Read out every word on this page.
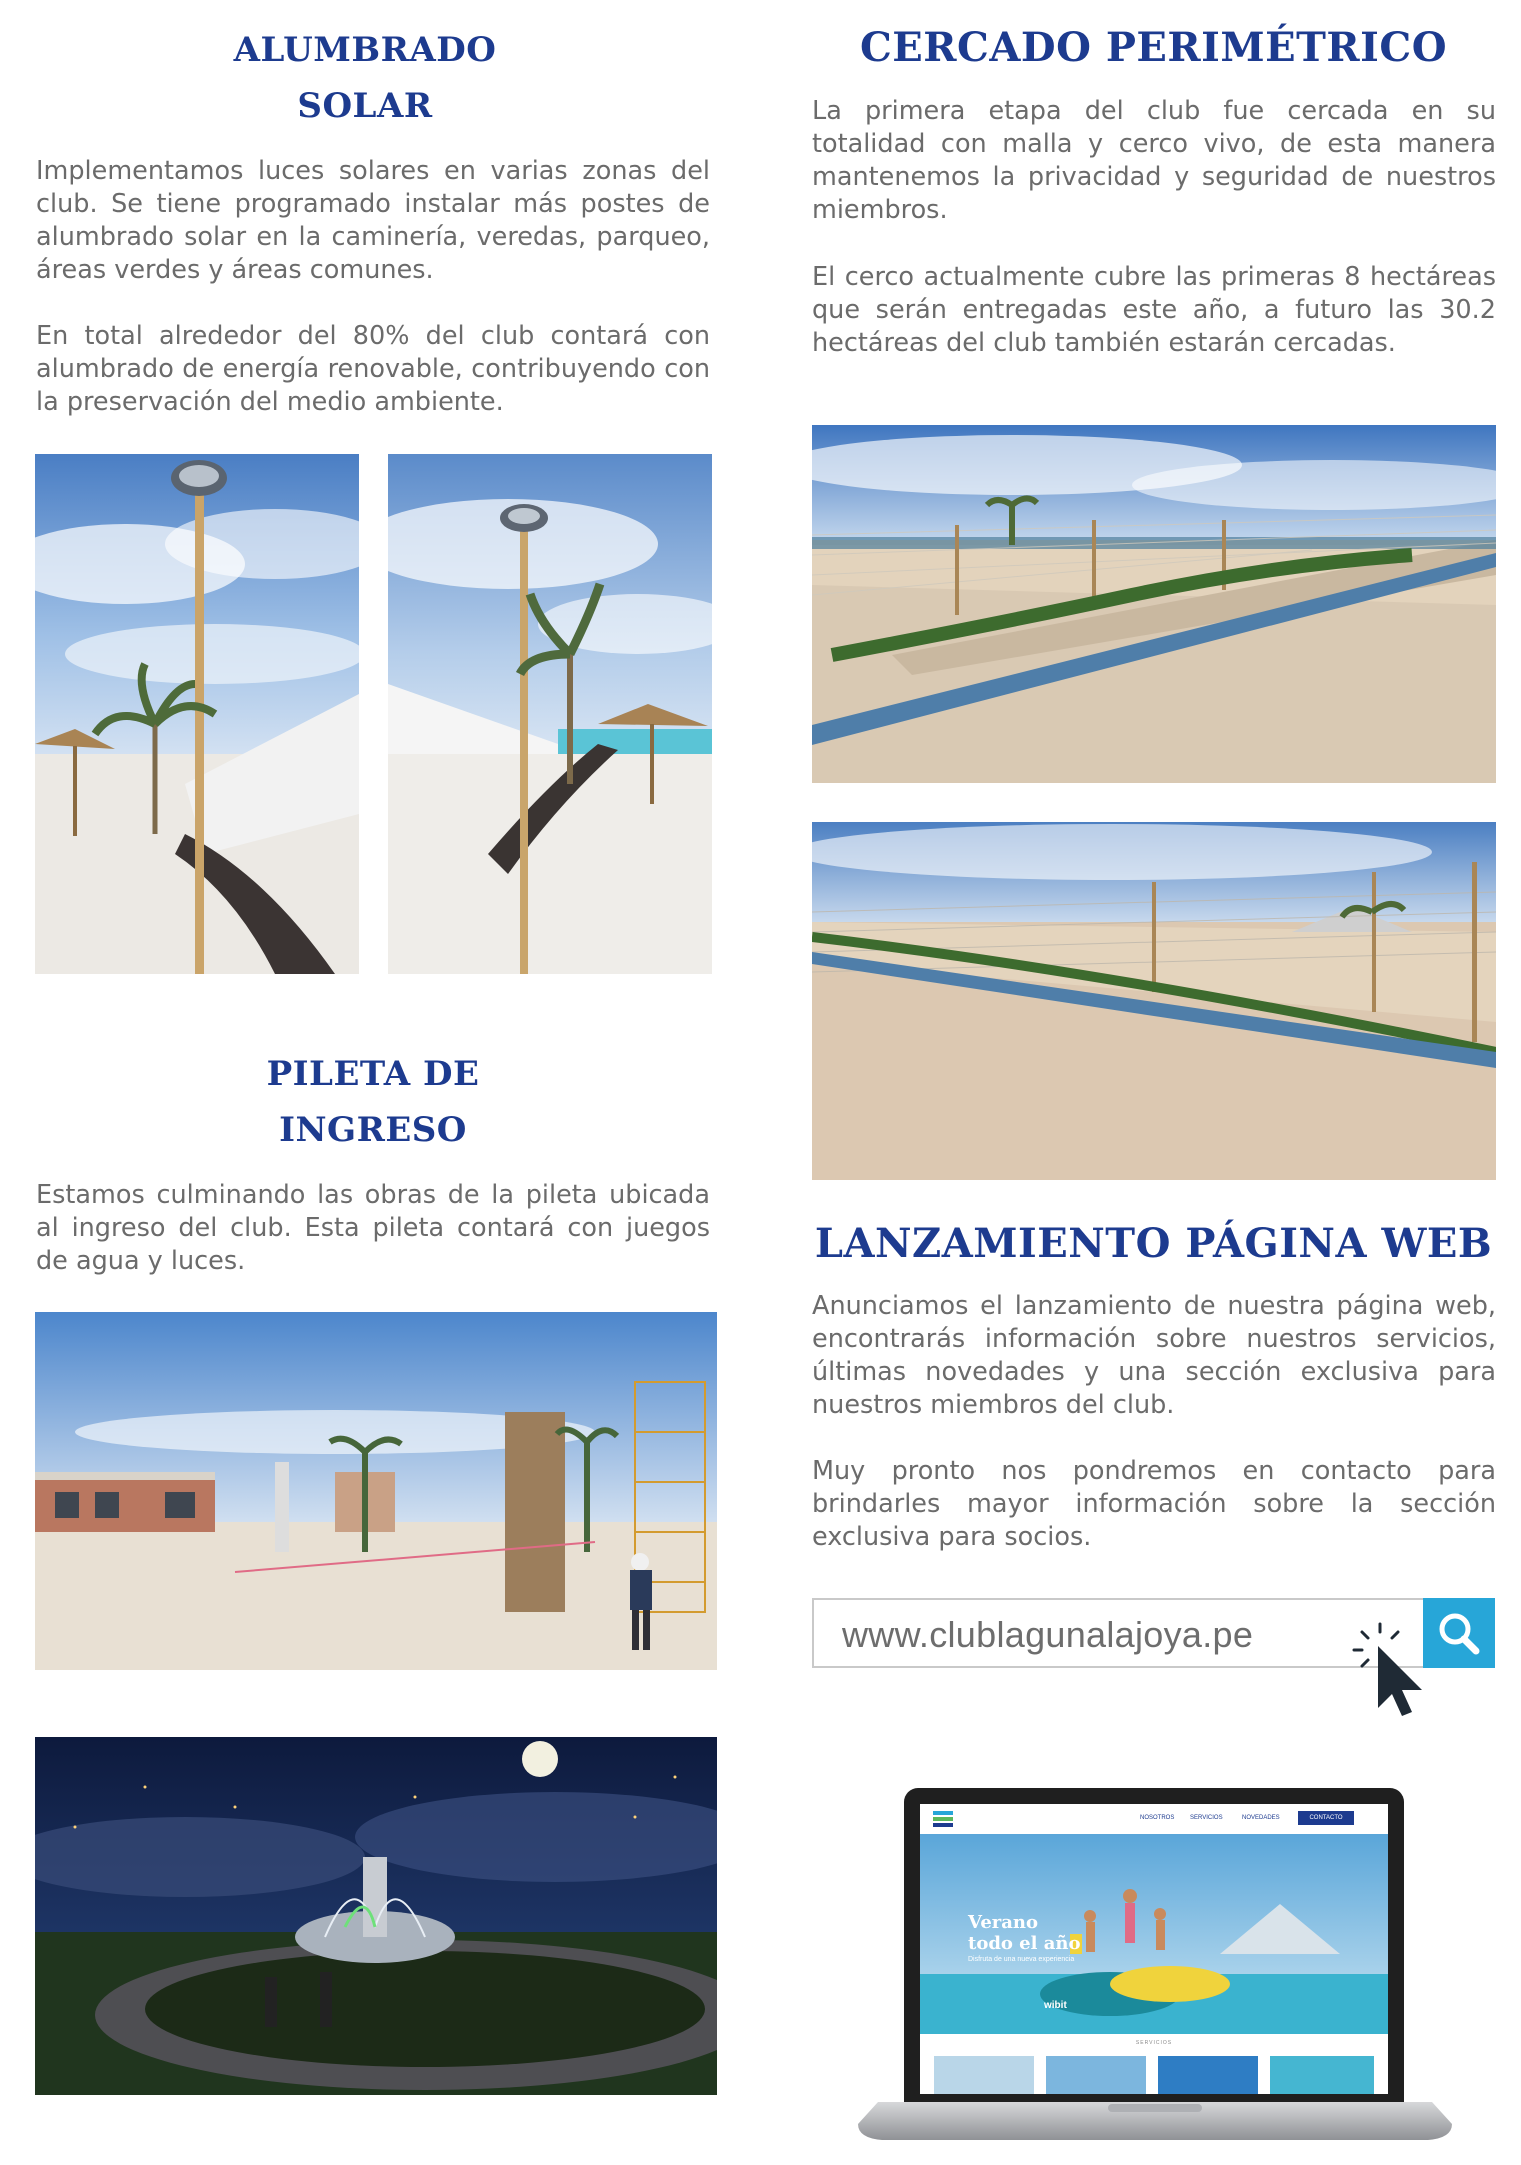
ALUMBRADO
SOLAR

Implementamos luces solares en varias zonas del club. Se tiene programado instalar más postes de alumbrado solar en la caminería, veredas, parqueo, áreas verdes y áreas comunes.

En total alrededor del 80% del club contará con alumbrado de energía renovable, contribuyendo con la preservación del medio ambiente.

CERCADO PERIMÉTRICO

La primera etapa del club fue cercada en su totalidad con malla y cerco vivo, de esta manera mantenemos la privacidad y seguridad de nuestros miembros.

El cerco actualmente cubre las primeras 8 hectáreas que serán entregadas este año, a futuro las 30.2 hectáreas del club también estarán cercadas.

PILETA DE
INGRESO

Estamos culminando las obras de la pileta ubicada al ingreso del club. Esta pileta contará con juegos de agua y luces.	LANZAMIENTO PÁGINA WEB

Anunciamos el lanzamiento de nuestra página web, encontrarás información sobre nuestros servicios, últimas novedades y una sección exclusiva para nuestros miembros del club.

Muy pronto nos pondremos en contacto para brindarles mayor información sobre la sección exclusiva para socios.

www.clublagunalajoya.pe
NOSOTROS	SERVICIOS	NOVEDADES	CONTACTO
Verano
todo el año
Disfruta de una nueva experiencia
wibit
SERVICIOS
